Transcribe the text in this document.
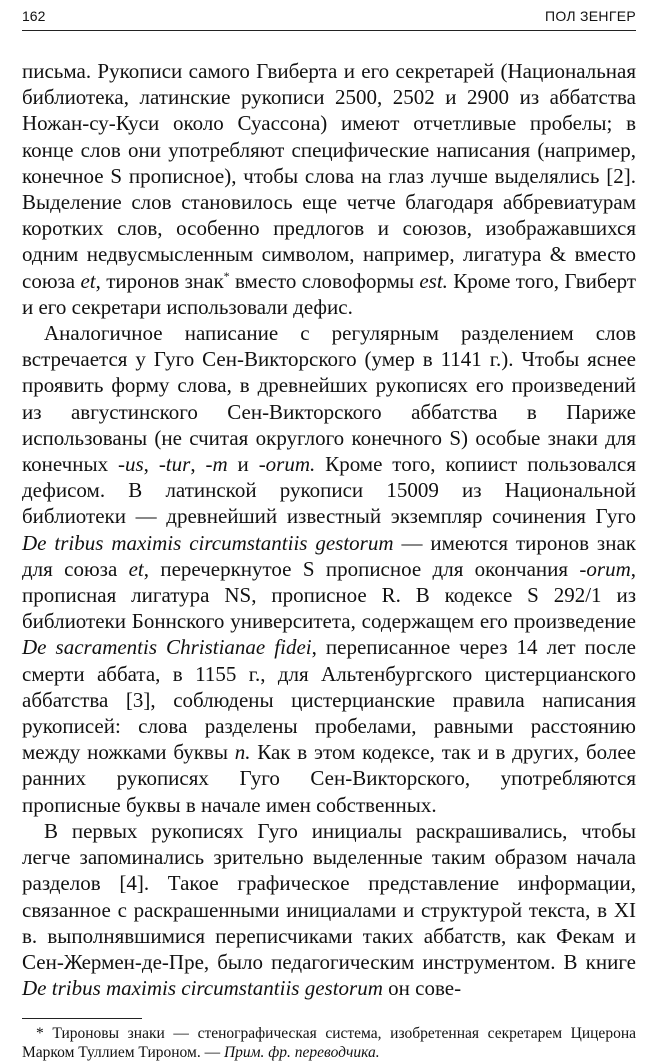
162	ПОЛ ЗЕНГЕР

письма. Рукописи самого Гвиберта и его секретарей (Национальная библиотека, латинские рукописи 2500, 2502 и 2900 из аббатства Ножан-су-Куси около Суассона) имеют отчетливые пробелы; в конце слов они употребляют специфические написания (например, конечное S прописное), чтобы слова на глаз лучше выделялись [2]. Выделение слов становилось еще четче благодаря аббревиатурам коротких слов, особенно предлогов и союзов, изображавшихся одним недвусмысленным символом, например, лигатура & вместо союза et, тиронов знак* вместо словоформы est. Кроме того, Гвиберт и его секретари использовали дефис.

Аналогичное написание с регулярным разделением слов встречается у Гуго Сен-Викторского (умер в 1141 г.). Чтобы яснее проявить форму слова, в древнейших рукописях его произведений из августинского Сен-Викторского аббатства в Париже использованы (не считая округлого конечного S) особые знаки для конечных -us, -tur, -m и -orum. Кроме того, копиист пользовался дефисом. В латинской рукописи 15009 из Национальной библиотеки — древнейший известный экземпляр сочинения Гуго De tribus maximis circumstantiis gestorum — имеются тиронов знак для союза et, перечеркнутое S прописное для окончания -orum, прописная лигатура NS, прописное R. В кодексе S 292/1 из библиотеки Боннского университета, содержащем его произведение De sacramentis Christianae fidei, переписанное через 14 лет после смерти аббата, в 1155 г., для Альтенбургского цистерцианского аббатства [3], соблюдены цистерцианские правила написания рукописей: слова разделены пробелами, равными расстоянию между ножками буквы n. Как в этом кодексе, так и в других, более ранних рукописях Гуго Сен-Викторского, употребляются прописные буквы в начале имен собственных.

В первых рукописях Гуго инициалы раскрашивались, чтобы легче запоминались зрительно выделенные таким образом начала разделов [4]. Такое графическое представление информации, связанное с раскрашенными инициалами и структурой текста, в XI в. выполнявшимися переписчиками таких аббатств, как Фекам и Сен-Жермен-де-Пре, было педагогическим инструментом. В книге De tribus maximis circumstantiis gestorum он сове-

* Тироновы знаки — стенографическая система, изобретенная секретарем Цицерона Марком Туллием Тироном. — Прим. фр. переводчика.
